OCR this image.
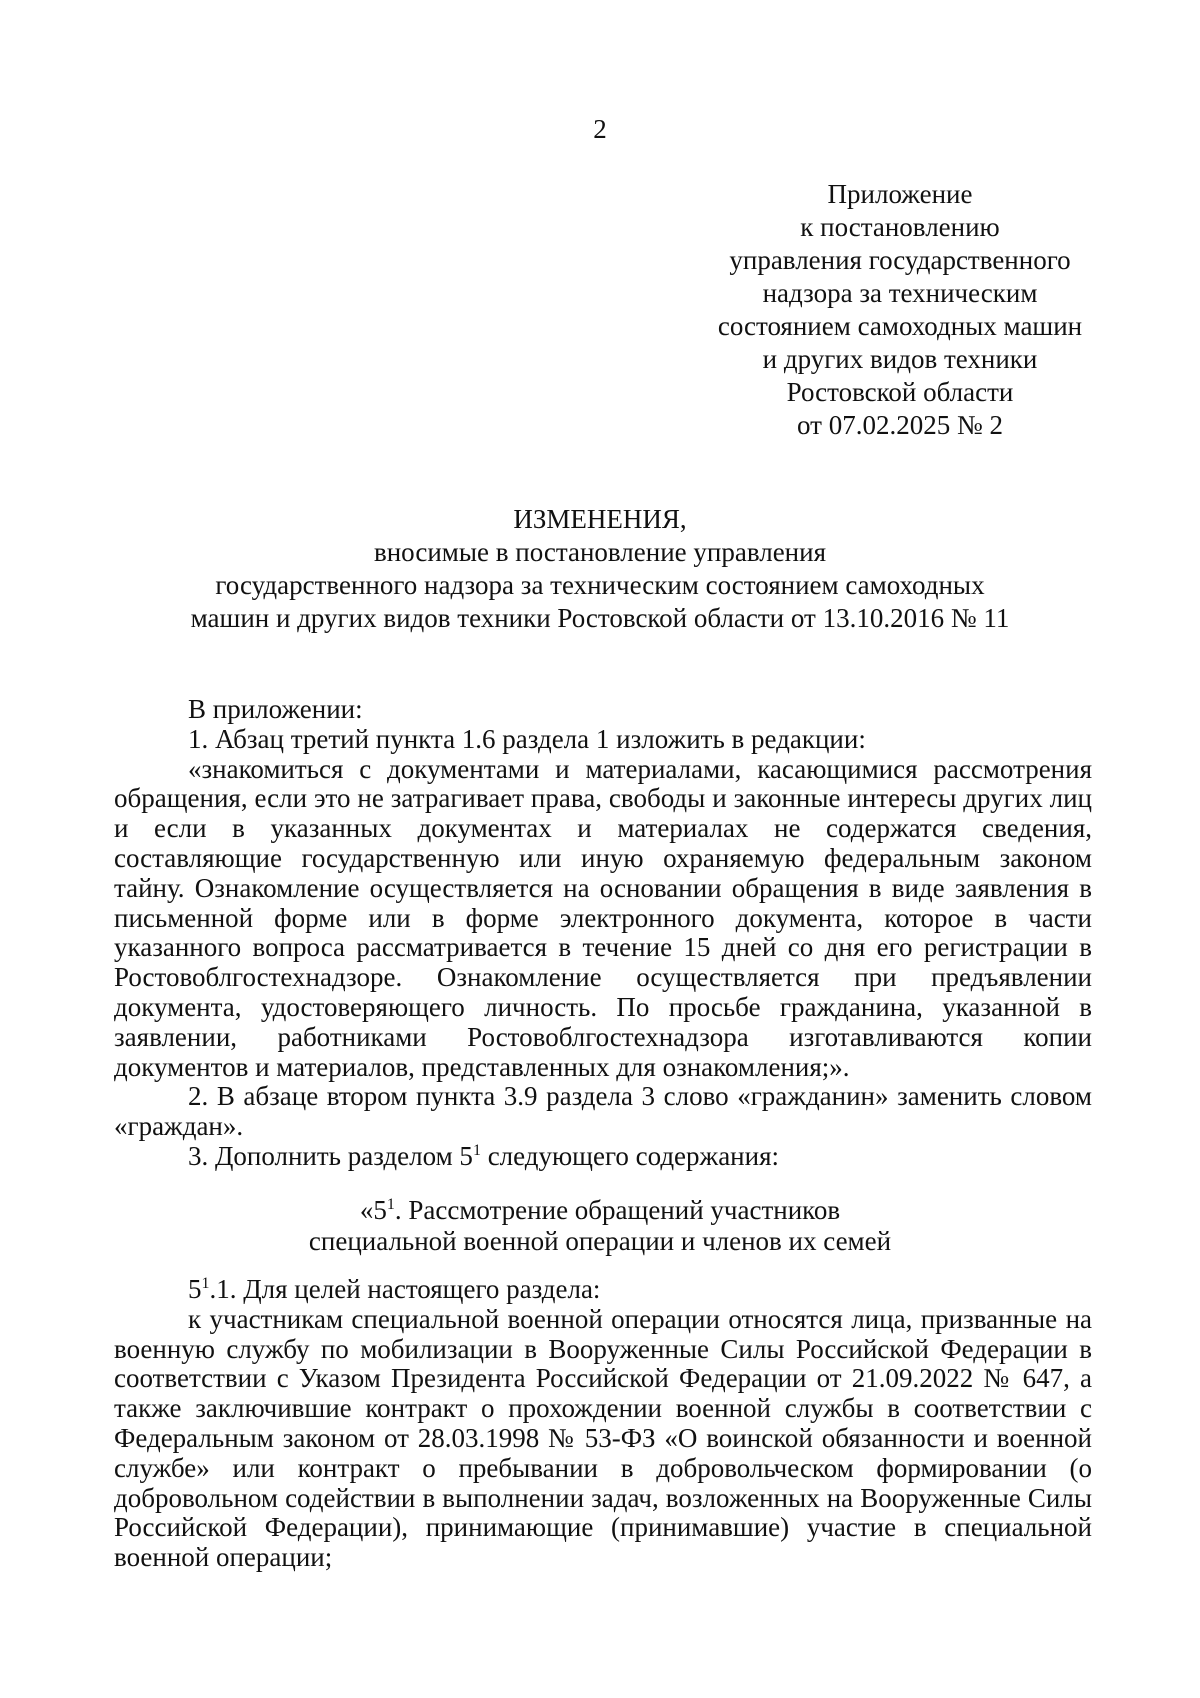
2
Приложение
к постановлению
управления государственного
надзора за техническим
состоянием самоходных машин
и других видов техники
Ростовской области
от 07.02.2025 № 2
ИЗМЕНЕНИЯ,
вносимые в постановление управления
государственного надзора за техническим состоянием самоходных
машин и других видов техники Ростовской области от 13.10.2016 № 11

В приложении:

1. Абзац третий пункта 1.6 раздела 1 изложить в редакции:

«знакомиться с документами и материалами, касающимися рассмотрения обращения, если это не затрагивает права, свободы и законные интересы других лиц и если в указанных документах и материалах не содержатся сведения, составляющие государственную или иную охраняемую федеральным законом тайну. Ознакомление осуществляется на основании обращения в виде заявления в письменной форме или в форме электронного документа, которое в части указанного вопроса рассматривается в течение 15 дней со дня его регистрации в Ростовоблгостехнадзоре. Ознакомление осуществляется при предъявлении документа, удостоверяющего личность. По просьбе гражданина, указанной в заявлении, работниками Ростовоблгостехнадзора изготавливаются копии документов и материалов, представленных для ознакомления;».

2. В абзаце втором пункта 3.9 раздела 3 слово «гражданин» заменить словом «граждан».

3. Дополнить разделом $5^1$ следующего содержания:

«$5^1$. Рассмотрение обращений участников
специальной военной операции и членов их семей

$5^1.1$. Для целей настоящего раздела:

к участникам специальной военной операции относятся лица, призванные на военную службу по мобилизации в Вооруженные Силы Российской Федерации в соответствии с Указом Президента Российской Федерации от 21.09.2022 № 647, а также заключившие контракт о прохождении военной службы в соответствии с Федеральным законом от 28.03.1998 № 53-ФЗ «О воинской обязанности и военной службе» или контракт о пребывании в добровольческом формировании (о добровольном содействии в выполнении задач, возложенных на Вооруженные Силы Российской Федерации), принимающие (принимавшие) участие в специальной военной операции;
